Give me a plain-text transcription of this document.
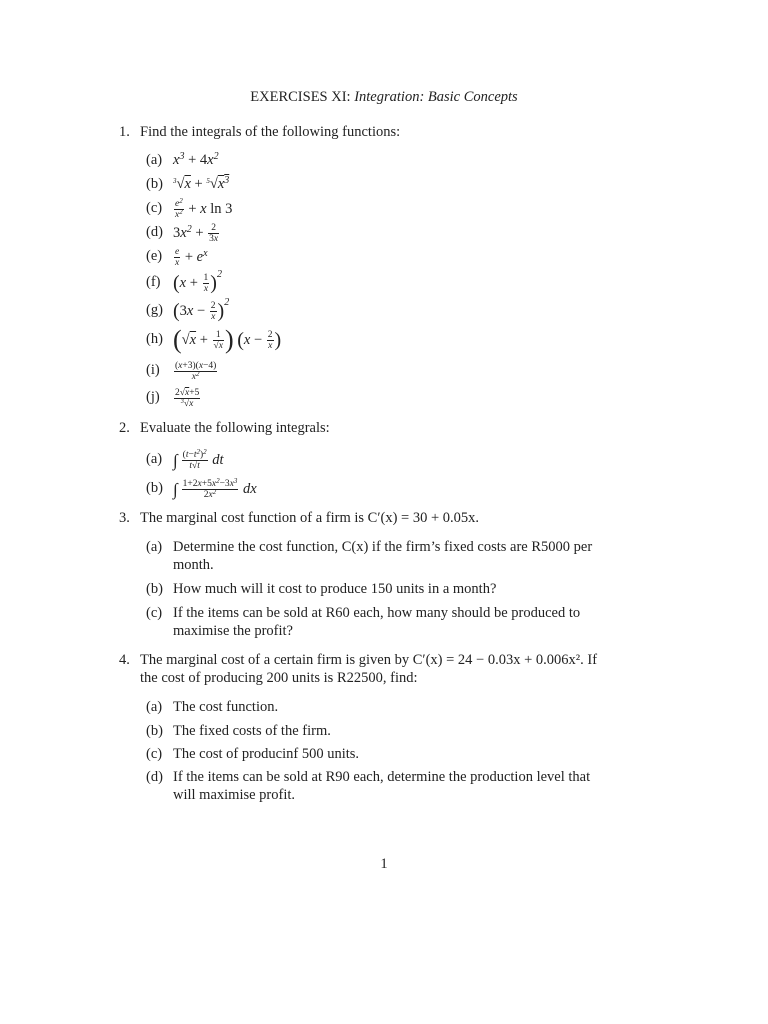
EXERCISES XI: Integration: Basic Concepts
1. Find the integrals of the following functions:
(a) $x^3 + 4x^2$
(b) $^3√x + ^5√x^3$
$(c) \frac{e^2}{x^2} + x$ ln 3
(d) $3x^2 + \frac{2}{3x}$
$(e) \frac{e}{x} + e^x$
(f) $(x + \frac{1}{x} )^2$
(g) $(3x - \frac{2}{x} )^2$
(h) ($√x + \frac{1}{√x}$ ) ($x - \frac{2}{x}$ )
$(i) \frac{(x+3)(x-4)}{x^2}$
$(j) \frac{2√x+5}{^3√x}$
2. Evaluate the following integrals:
(a) ∫ $\frac{(t-t^2)^2}{t√t}$ dt
(b) ∫ $\frac{1+2x+5x^2-3x^3}{2x^2}$ dx
3. The marginal cost function of a firm is C′(x) = 30 + 0.05x.
(a) Determine the cost function, C(x) if the firm’s fixed costs are R5000 per
month.
(b) How much will it cost to produce 150 units in a month?
(c) If the items can be sold at R60 each, how many should be produced to
maximise the profit?
4. The marginal cost of a certain firm is given by C′(x) = 24 − 0.03x + 0.006x². If
the cost of producing 200 units is R22500, find:
(a) The cost function.
(b) The fixed costs of the firm.
(c) The cost of producinf 500 units.
(d) If the items can be sold at R90 each, determine the production level that
will maximise profit.
1
